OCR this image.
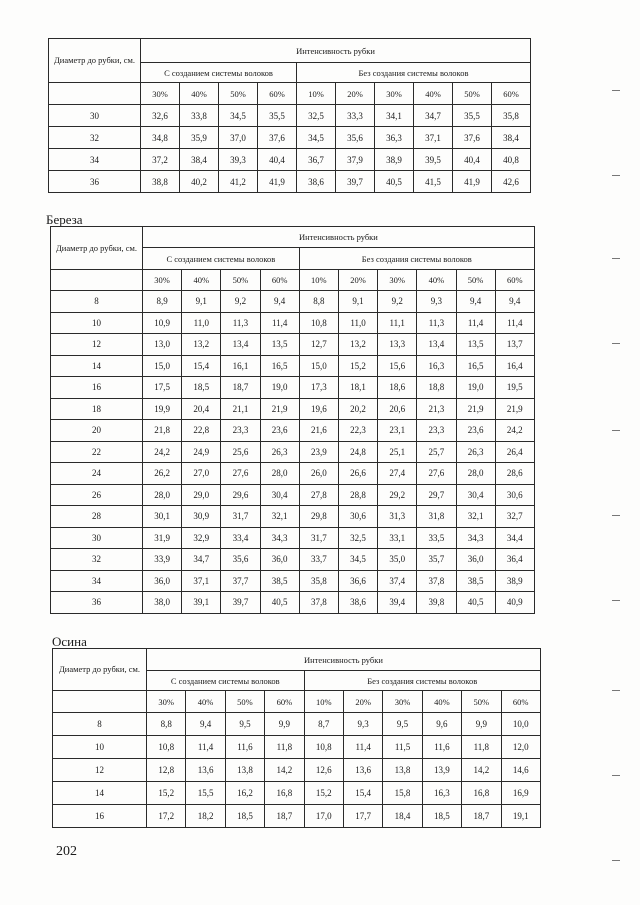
Береза
Осина
Диаметр до рубки, см.	Интенсивность рубки									
	С созданием системы волоков				Без создания системы волоков					
	30%	40%	50%	60%	10%	20%	30%	40%	50%	60%
30	32,6	33,8	34,5	35,5	32,5	33,3	34,1	34,7	35,5	35,8
32	34,8	35,9	37,0	37,6	34,5	35,6	36,3	37,1	37,6	38,4
34	37,2	38,4	39,3	40,4	36,7	37,9	38,9	39,5	40,4	40,8
36	38,8	40,2	41,2	41,9	38,6	39,7	40,5	41,5	41,9	42,6
Диаметр до рубки, см.	Интенсивность рубки									
	С созданием системы волоков				Без создания системы волоков					
	30%	40%	50%	60%	10%	20%	30%	40%	50%	60%
8	8,9	9,1	9,2	9,4	8,8	9,1	9,2	9,3	9,4	9,4
10	10,9	11,0	11,3	11,4	10,8	11,0	11,1	11,3	11,4	11,4
12	13,0	13,2	13,4	13,5	12,7	13,2	13,3	13,4	13,5	13,7
14	15,0	15,4	16,1	16,5	15,0	15,2	15,6	16,3	16,5	16,4
16	17,5	18,5	18,7	19,0	17,3	18,1	18,6	18,8	19,0	19,5
18	19,9	20,4	21,1	21,9	19,6	20,2	20,6	21,3	21,9	21,9
20	21,8	22,8	23,3	23,6	21,6	22,3	23,1	23,3	23,6	24,2
22	24,2	24,9	25,6	26,3	23,9	24,8	25,1	25,7	26,3	26,4
24	26,2	27,0	27,6	28,0	26,0	26,6	27,4	27,6	28,0	28,6
26	28,0	29,0	29,6	30,4	27,8	28,8	29,2	29,7	30,4	30,6
28	30,1	30,9	31,7	32,1	29,8	30,6	31,3	31,8	32,1	32,7
30	31,9	32,9	33,4	34,3	31,7	32,5	33,1	33,5	34,3	34,4
32	33,9	34,7	35,6	36,0	33,7	34,5	35,0	35,7	36,0	36,4
34	36,0	37,1	37,7	38,5	35,8	36,6	37,4	37,8	38,5	38,9
36	38,0	39,1	39,7	40,5	37,8	38,6	39,4	39,8	40,5	40,9
Диаметр до рубки, см.	Интенсивность рубки									
	С созданием системы волоков				Без создания системы волоков					
	30%	40%	50%	60%	10%	20%	30%	40%	50%	60%
8	8,8	9,4	9,5	9,9	8,7	9,3	9,5	9,6	9,9	10,0
10	10,8	11,4	11,6	11,8	10,8	11,4	11,5	11,6	11,8	12,0
12	12,8	13,6	13,8	14,2	12,6	13,6	13,8	13,9	14,2	14,6
14	15,2	15,5	16,2	16,8	15,2	15,4	15,8	16,3	16,8	16,9
16	17,2	18,2	18,5	18,7	17,0	17,7	18,4	18,5	18,7	19,1
202
